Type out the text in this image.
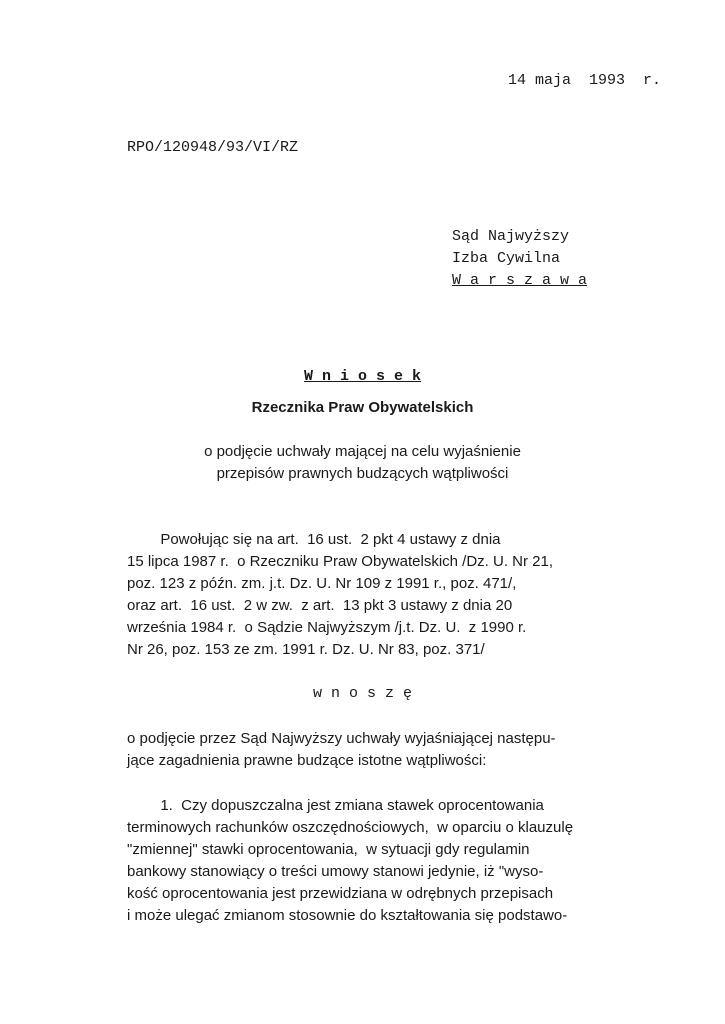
14 maja  1993  r.

RPO/120948/93/VI/RZ

Sąd Najwyższy

Izba Cywilna

W a r s z a w a

W n i o s e k

Rzecznika Praw Obywatelskich

o podjęcie uchwały mającej na celu wyjaśnienie

przepisów prawnych budzących wątpliwości

Powołując się na art.  16 ust.  2 pkt 4 ustawy z dnia

15 lipca 1987 r.  o Rzeczniku Praw Obywatelskich /Dz. U. Nr 21,

poz. 123 z późn. zm. j.t. Dz. U. Nr 109 z 1991 r., poz. 471/,

oraz art.  16 ust.  2 w zw.  z art.  13 pkt 3 ustawy z dnia 20

września 1984 r.  o Sądzie Najwyższym /j.t. Dz. U.  z 1990 r.

Nr 26, poz. 153 ze zm. 1991 r. Dz. U. Nr 83, poz. 371/

w n o s z ę

o podjęcie przez Sąd Najwyższy uchwały wyjaśniającej następu-

jące zagadnienia prawne budzące istotne wątpliwości:

1.  Czy dopuszczalna jest zmiana stawek oprocentowania

terminowych rachunków oszczędnościowych,  w oparciu o klauzulę

"zmiennej" stawki oprocentowania,  w sytuacji gdy regulamin

bankowy stanowiący o treści umowy stanowi jedynie, iż "wyso-

kość oprocentowania jest przewidziana w odrębnych przepisach

i może ulegać zmianom stosownie do kształtowania się podstawo-
